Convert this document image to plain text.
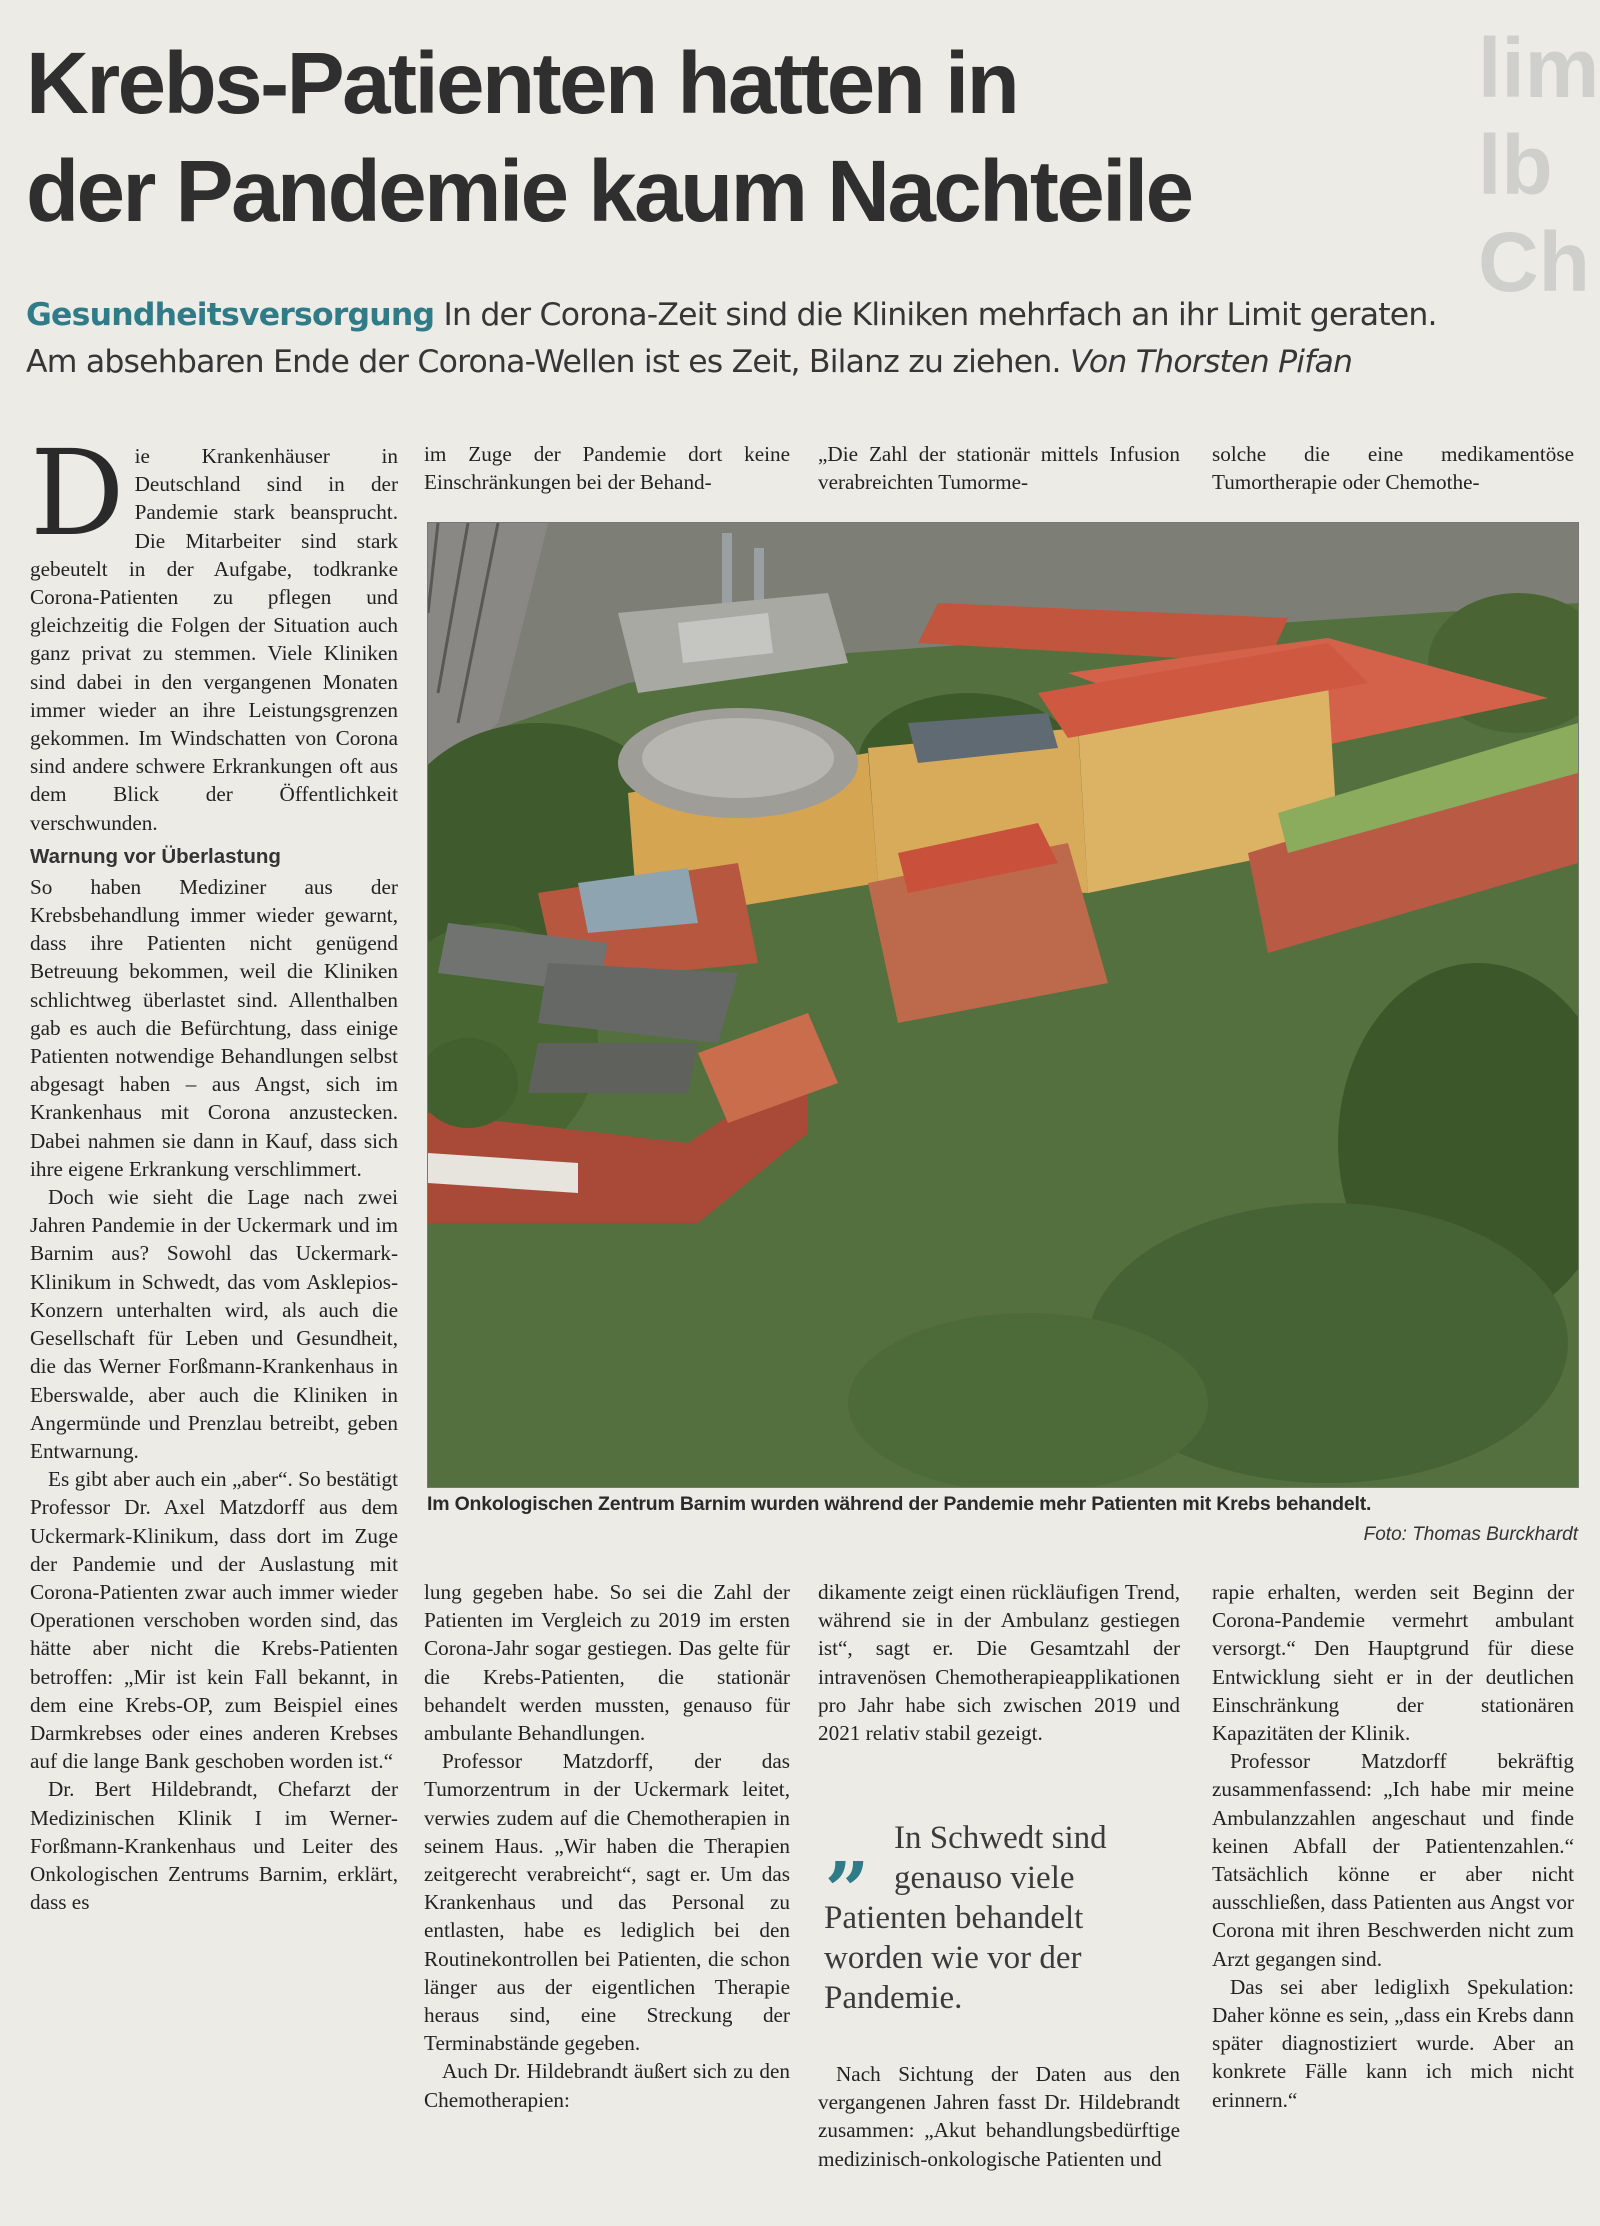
lim
lb
Ch
Krebs-Patienten hatten in
der Pandemie kaum Nachteile

Gesundheitsversorgung In der Corona-Zeit sind die Kliniken mehrfach an ihr Limit geraten.
Am absehbaren Ende der Corona-Wellen ist es Zeit, Bilanz zu ziehen. Von Thorsten Pifan

Die Krankenhäuser in Deutschland sind in der Pandemie stark beansprucht. Die Mitarbeiter sind stark gebeutelt in der Aufgabe, todkranke Corona-Patienten zu pflegen und gleichzeitig die Folgen der Situation auch ganz privat zu stemmen. Viele Kliniken sind dabei in den vergangenen Monaten immer wieder an ihre Leistungsgrenzen gekommen. Im Windschatten von Corona sind andere schwere Erkrankungen oft aus dem Blick der Öffentlichkeit verschwunden.

Warnung vor Überlastung

So haben Mediziner aus der Krebsbehandlung immer wieder gewarnt, dass ihre Patienten nicht genügend Betreuung bekommen, weil die Kliniken schlichtweg überlastet sind. Allenthalben gab es auch die Befürchtung, dass einige Patienten notwendige Behandlungen selbst abgesagt haben – aus Angst, sich im Krankenhaus mit Corona anzustecken. Dabei nahmen sie dann in Kauf, dass sich ihre eigene Erkrankung verschlimmert.

Doch wie sieht die Lage nach zwei Jahren Pandemie in der Uckermark und im Barnim aus? Sowohl das Uckermark-Klinikum in Schwedt, das vom Asklepios-Konzern unterhalten wird, als auch die Gesellschaft für Leben und Gesundheit, die das Werner Forßmann-Krankenhaus in Eberswalde, aber auch die Kliniken in Angermünde und Prenzlau betreibt, geben Entwarnung.

Es gibt aber auch ein „aber“. So bestätigt Professor Dr. Axel Matzdorff aus dem Uckermark-Klinikum, dass dort im Zuge der Pandemie und der Auslastung mit Corona-Patienten zwar auch immer wieder Operationen verschoben worden sind, das hätte aber nicht die Krebs-Patienten betroffen: „Mir ist kein Fall bekannt, in dem eine Krebs-OP, zum Beispiel eines Darmkrebses oder eines anderen Krebses auf die lange Bank geschoben worden ist.“

Dr. Bert Hildebrandt, Chefarzt der Medizinischen Klinik I im Werner-Forßmann-Krankenhaus und Leiter des Onkologischen Zentrums Barnim, erklärt, dass es

im Zuge der Pandemie dort keine Einschränkungen bei der Behand-

„Die Zahl der stationär mittels Infusion verabreichten Tumorme-

solche die eine medikamentöse Tumortherapie oder Chemothe-

Im Onkologischen Zentrum Barnim wurden während der Pandemie mehr Patienten mit Krebs behandelt.

Foto: Thomas Burckhardt

lung gegeben habe. So sei die Zahl der Patienten im Vergleich zu 2019 im ersten Corona-Jahr sogar gestiegen. Das gelte für die Krebs-Patienten, die stationär behandelt werden mussten, genauso für ambulante Behandlungen.

Professor Matzdorff, der das Tumorzentrum in der Uckermark leitet, verwies zudem auf die Chemotherapien in seinem Haus. „Wir haben die Therapien zeitgerecht verabreicht“, sagt er. Um das Krankenhaus und das Personal zu entlasten, habe es lediglich bei den Routinekontrollen bei Patienten, die schon länger aus der eigentlichen Therapie heraus sind, eine Streckung der Terminabstände gegeben.

Auch Dr. Hildebrandt äußert sich zu den Chemotherapien:

dikamente zeigt einen rückläufigen Trend, während sie in der Ambulanz gestiegen ist“, sagt er. Die Gesamtzahl der intravenösen Chemotherapieapplikationen pro Jahr habe sich zwischen 2019 und 2021 relativ stabil gezeigt.

„ In Schwedt sind genauso viele
Patienten behandelt worden wie vor der Pandemie.

Nach Sichtung der Daten aus den vergangenen Jahren fasst Dr. Hildebrandt zusammen: „Akut behandlungsbedürftige medizinisch-onkologische Patienten und

rapie erhalten, werden seit Beginn der Corona-Pandemie vermehrt ambulant versorgt.“ Den Hauptgrund für diese Entwicklung sieht er in der deutlichen Einschränkung der stationären Kapazitäten der Klinik.

Professor Matzdorff bekräftig zusammenfassend: „Ich habe mir meine Ambulanzzahlen angeschaut und finde keinen Abfall der Patientenzahlen.“ Tatsächlich könne er aber nicht ausschließen, dass Patienten aus Angst vor Corona mit ihren Beschwerden nicht zum Arzt gegangen sind.

Das sei aber lediglixh Spekulation: Daher könne es sein, „dass ein Krebs dann später diagnostiziert wurde. Aber an konkrete Fälle kann ich mich nicht erinnern.“
